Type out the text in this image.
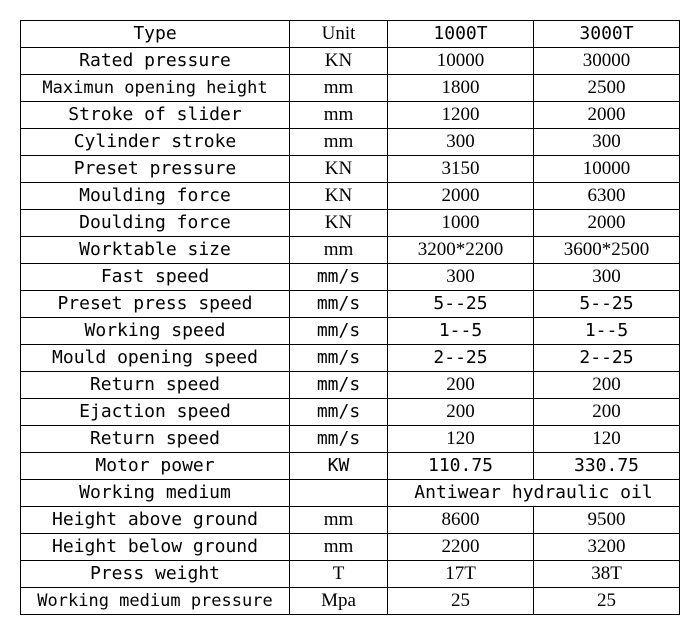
Type	Unit	1000T	3000T
Rated pressure	KN	10000	30000
Maximun opening height	mm	1800	2500
Stroke of slider	mm	1200	2000
Cylinder stroke	mm	300	300
Preset pressure	KN	3150	10000
Moulding force	KN	2000	6300
Doulding force	KN	1000	2000
Worktable size	mm	3200*2200	3600*2500
Fast speed	mm/s	300	300
Preset press speed	mm/s	5--25	5--25
Working speed	mm/s	1--5	1--5
Mould opening speed	mm/s	2--25	2--25
Return speed	mm/s	200	200
Ejaction speed	mm/s	200	200
Return speed	mm/s	120	120
Motor power	KW	110.75	330.75
Working medium		Antiwear hydraulic oil	
Height above ground	mm	8600	9500
Height below ground	mm	2200	3200
Press weight	T	17T	38T
Working medium pressure	Mpa	25	25
